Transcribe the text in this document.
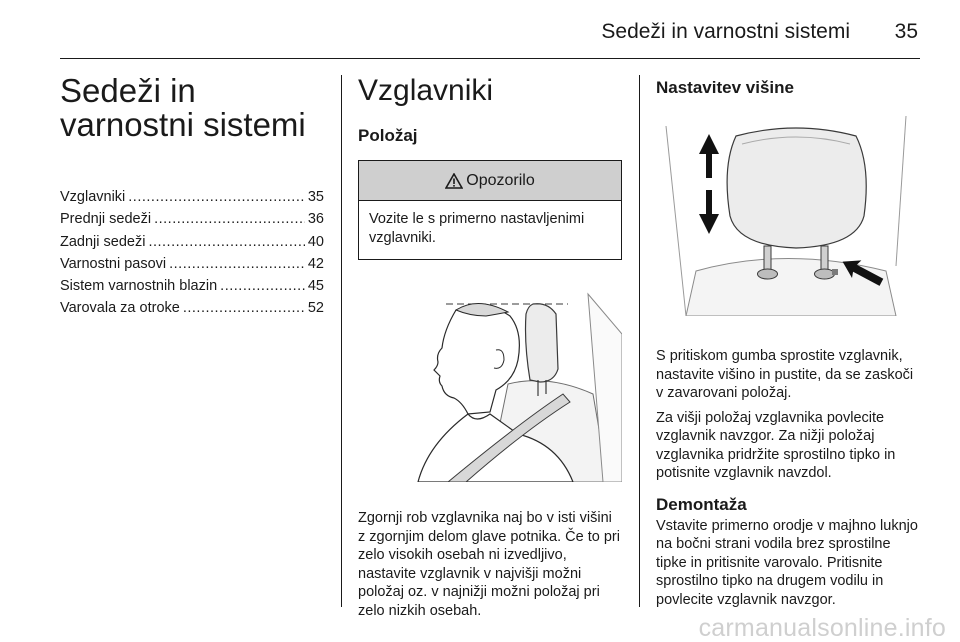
Sedeži in varnostni sistemi 35
Sedeži in varnostni sistemi
Vzglavniki .....	35
Prednji sedeži .....	36
Zadnji sedeži .....	40
Varnostni pasovi .....	42
Sistem varnostnih blazin .....	45
Varovala za otroke .....	52
Vzglavniki
Položaj
Opozorilo
Vozite le s primerno nastavljenimi vzglavniki.

Zgornji rob vzglavnika naj bo v isti višini z zgornjim delom glave potnika. Če to pri zelo visokih osebah ni izvedljivo, nastavite vzglavnik v najvišji možni položaj oz. v najnižji možni položaj pri zelo nizkih osebah.

Nastavitev višine

S pritiskom gumba sprostite vzglavnik, nastavite višino in pustite, da se zaskoči v zavarovani položaj.

Za višji položaj vzglavnika povlecite vzglavnik navzgor. Za nižji položaj vzglavnika pridržite sprostilno tipko in potisnite vzglavnik navzdol.

Demontaža

Vstavite primerno orodje v majhno luknjo na bočni strani vodila brez sprostilne tipke in pritisnite varovalo. Pritisnite sprostilno tipko na drugem vodilu in povlecite vzglavnik navzgor.

carmanualsonline.info
